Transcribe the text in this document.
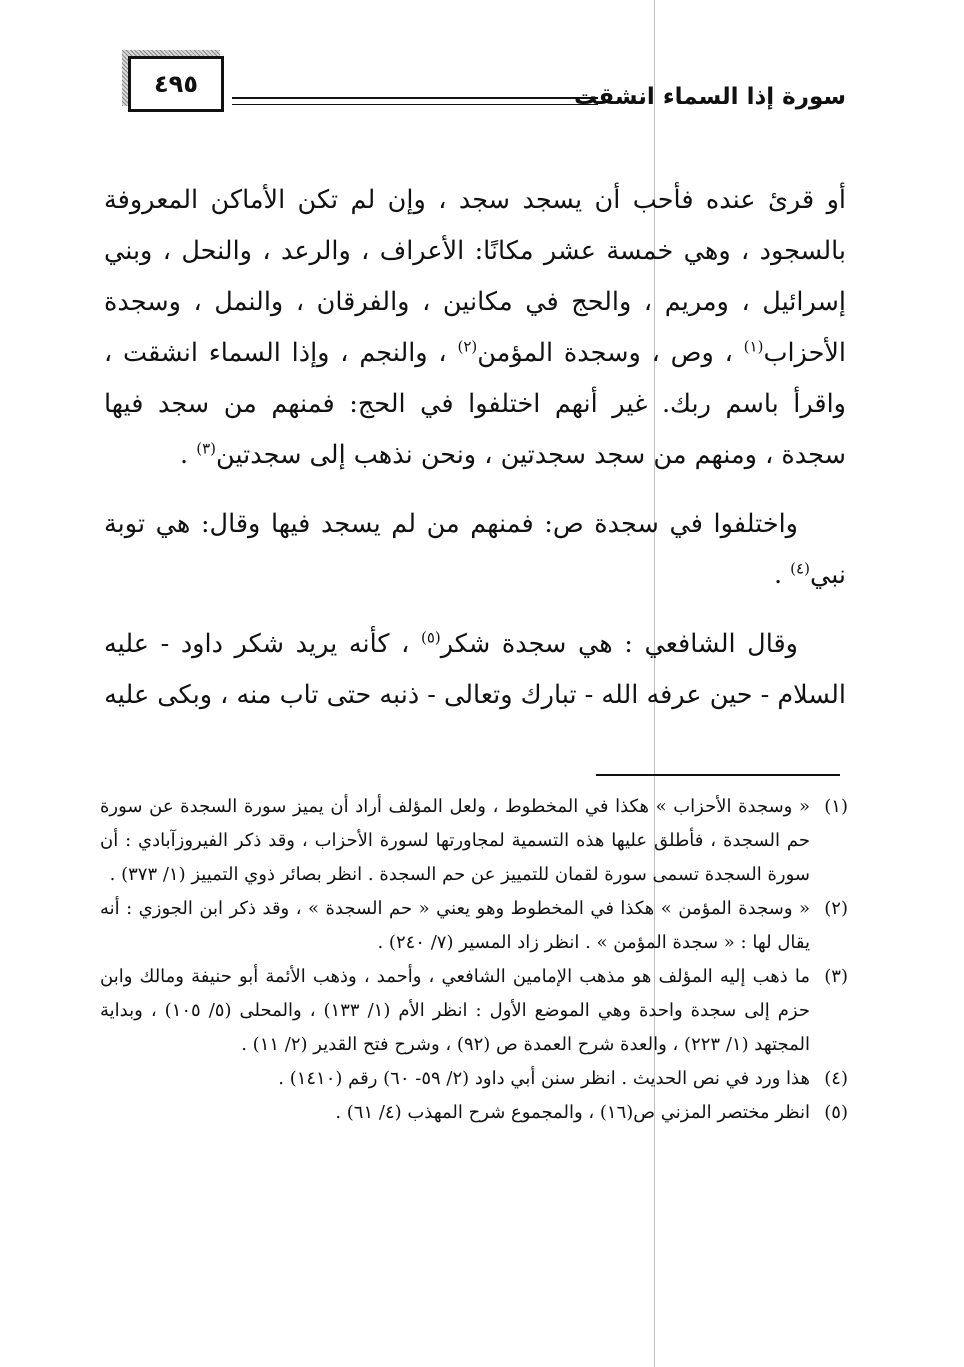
٤٩٥	سورة إذا السماء انشقت

أو قرئ عنده فأحب أن يسجد سجد ، وإن لم تكن الأماكن المعروفة بالسجود ، وهي خمسة عشر مكانًا: الأعراف ، والرعد ، والنحل ، وبني إسرائيل ، ومريم ، والحج في مكانين ، والفرقان ، والنمل ، وسجدة الأحزاب$^{(١)}$ ، وص ، وسجدة المؤمن$^{(٢)}$ ، والنجم ، وإذا السماء انشقت ، واقرأ باسم ربك. غير أنهم اختلفوا في الحج: فمنهم من سجد فيها سجدة ، ومنهم من سجد سجدتين ، ونحن نذهب إلى سجدتين$^{(٣)}$ .

واختلفوا في سجدة ص: فمنهم من لم يسجد فيها وقال: هي توبة نبي$^{(٤)}$ .

وقال الشافعي : هي سجدة شكر$^{(٥)}$ ، كأنه يريد شكر داود - عليه السلام - حين عرفه الله - تبارك وتعالى - ذنبه حتى تاب منه ، وبكى عليه

(١)
« وسجدة الأحزاب » هكذا في المخطوط ، ولعل المؤلف أراد أن يميز سورة السجدة عن سورة حم السجدة ، فأطلق عليها هذه التسمية لمجاورتها لسورة الأحزاب ، وقد ذكر الفيروزآبادي : أن سورة السجدة تسمى سورة لقمان للتمييز عن حم السجدة . انظر بصائر ذوي التمييز (١/ ٣٧٣) .

(٢)
« وسجدة المؤمن » هكذا في المخطوط وهو يعني « حم السجدة » ، وقد ذكر ابن الجوزي : أنه يقال لها : « سجدة المؤمن » . انظر زاد المسير (٧/ ٢٤٠) .

(٣)
ما ذهب إليه المؤلف هو مذهب الإمامين الشافعي ، وأحمد ، وذهب الأئمة أبو حنيفة ومالك وابن حزم إلى سجدة واحدة وهي الموضع الأول : انظر الأم (١/ ١٣٣) ، والمحلى (٥/ ١٠٥) ، وبداية المجتهد (١/ ٢٢٣) ، والعدة شرح العمدة ص (٩٢) ، وشرح فتح القدير (٢/ ١١) .

(٤)
هذا ورد في نص الحديث . انظر سنن أبي داود (٢/ ٥٩- ٦٠) رقم (١٤١٠) .

(٥)
انظر مختصر المزني ص(١٦) ، والمجموع شرح المهذب (٤/ ٦١) .
